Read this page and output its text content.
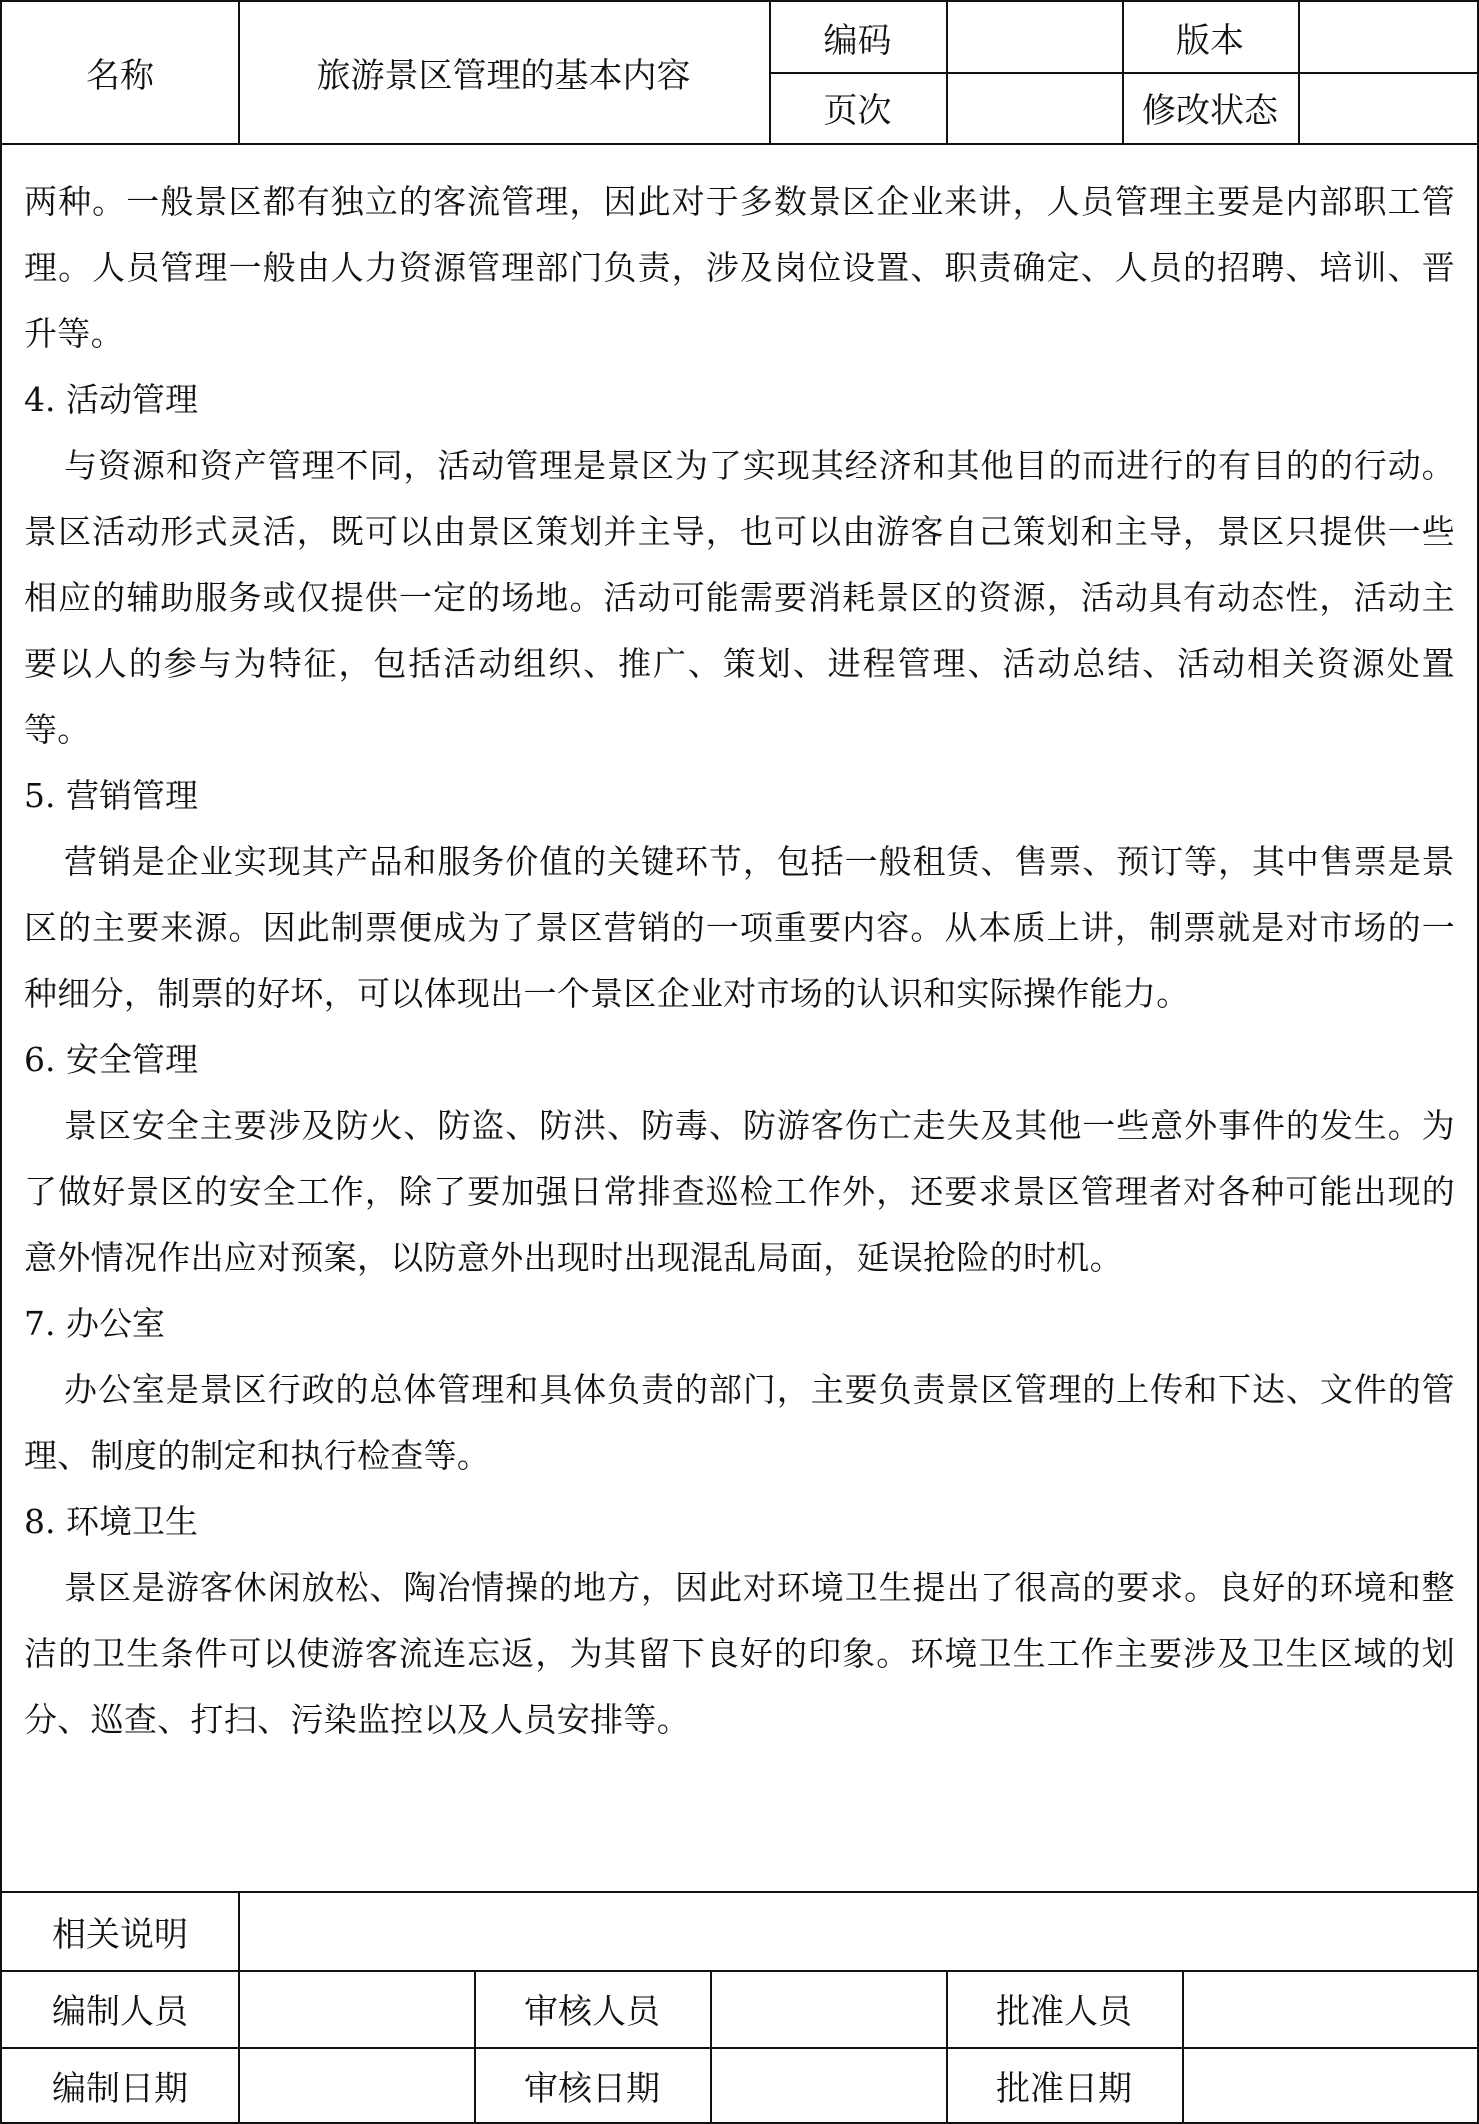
名称	旅游景区管理的基本内容
编码	版本
页次	修改状态

两种。一般景区都有独立的客流管理，因此对于多数景区企业来讲，人员管理主要是内部职工管理。人员管理一般由人力资源管理部门负责，涉及岗位设置、职责确定、人员的招聘、培训、晋升等。

4. 活动管理

与资源和资产管理不同，活动管理是景区为了实现其经济和其他目的而进行的有目的的行动。景区活动形式灵活，既可以由景区策划并主导，也可以由游客自己策划和主导，景区只提供一些相应的辅助服务或仅提供一定的场地。活动可能需要消耗景区的资源，活动具有动态性，活动主要以人的参与为特征，包括活动组织、推广、策划、进程管理、活动总结、活动相关资源处置等。

5. 营销管理

营销是企业实现其产品和服务价值的关键环节，包括一般租赁、售票、预订等，其中售票是景区的主要来源。因此制票便成为了景区营销的一项重要内容。从本质上讲，制票就是对市场的一种细分，制票的好坏，可以体现出一个景区企业对市场的认识和实际操作能力。

6. 安全管理

景区安全主要涉及防火、防盗、防洪、防毒、防游客伤亡走失及其他一些意外事件的发生。为了做好景区的安全工作，除了要加强日常排查巡检工作外，还要求景区管理者对各种可能出现的意外情况作出应对预案，以防意外出现时出现混乱局面，延误抢险的时机。

7. 办公室

办公室是景区行政的总体管理和具体负责的部门，主要负责景区管理的上传和下达、文件的管理、制度的制定和执行检查等。

8. 环境卫生

景区是游客休闲放松、陶冶情操的地方，因此对环境卫生提出了很高的要求。良好的环境和整洁的卫生条件可以使游客流连忘返，为其留下良好的印象。环境卫生工作主要涉及卫生区域的划分、巡查、打扫、污染监控以及人员安排等。

相关说明
编制人员	审核人员	批准人员
编制日期	审核日期	批准日期
